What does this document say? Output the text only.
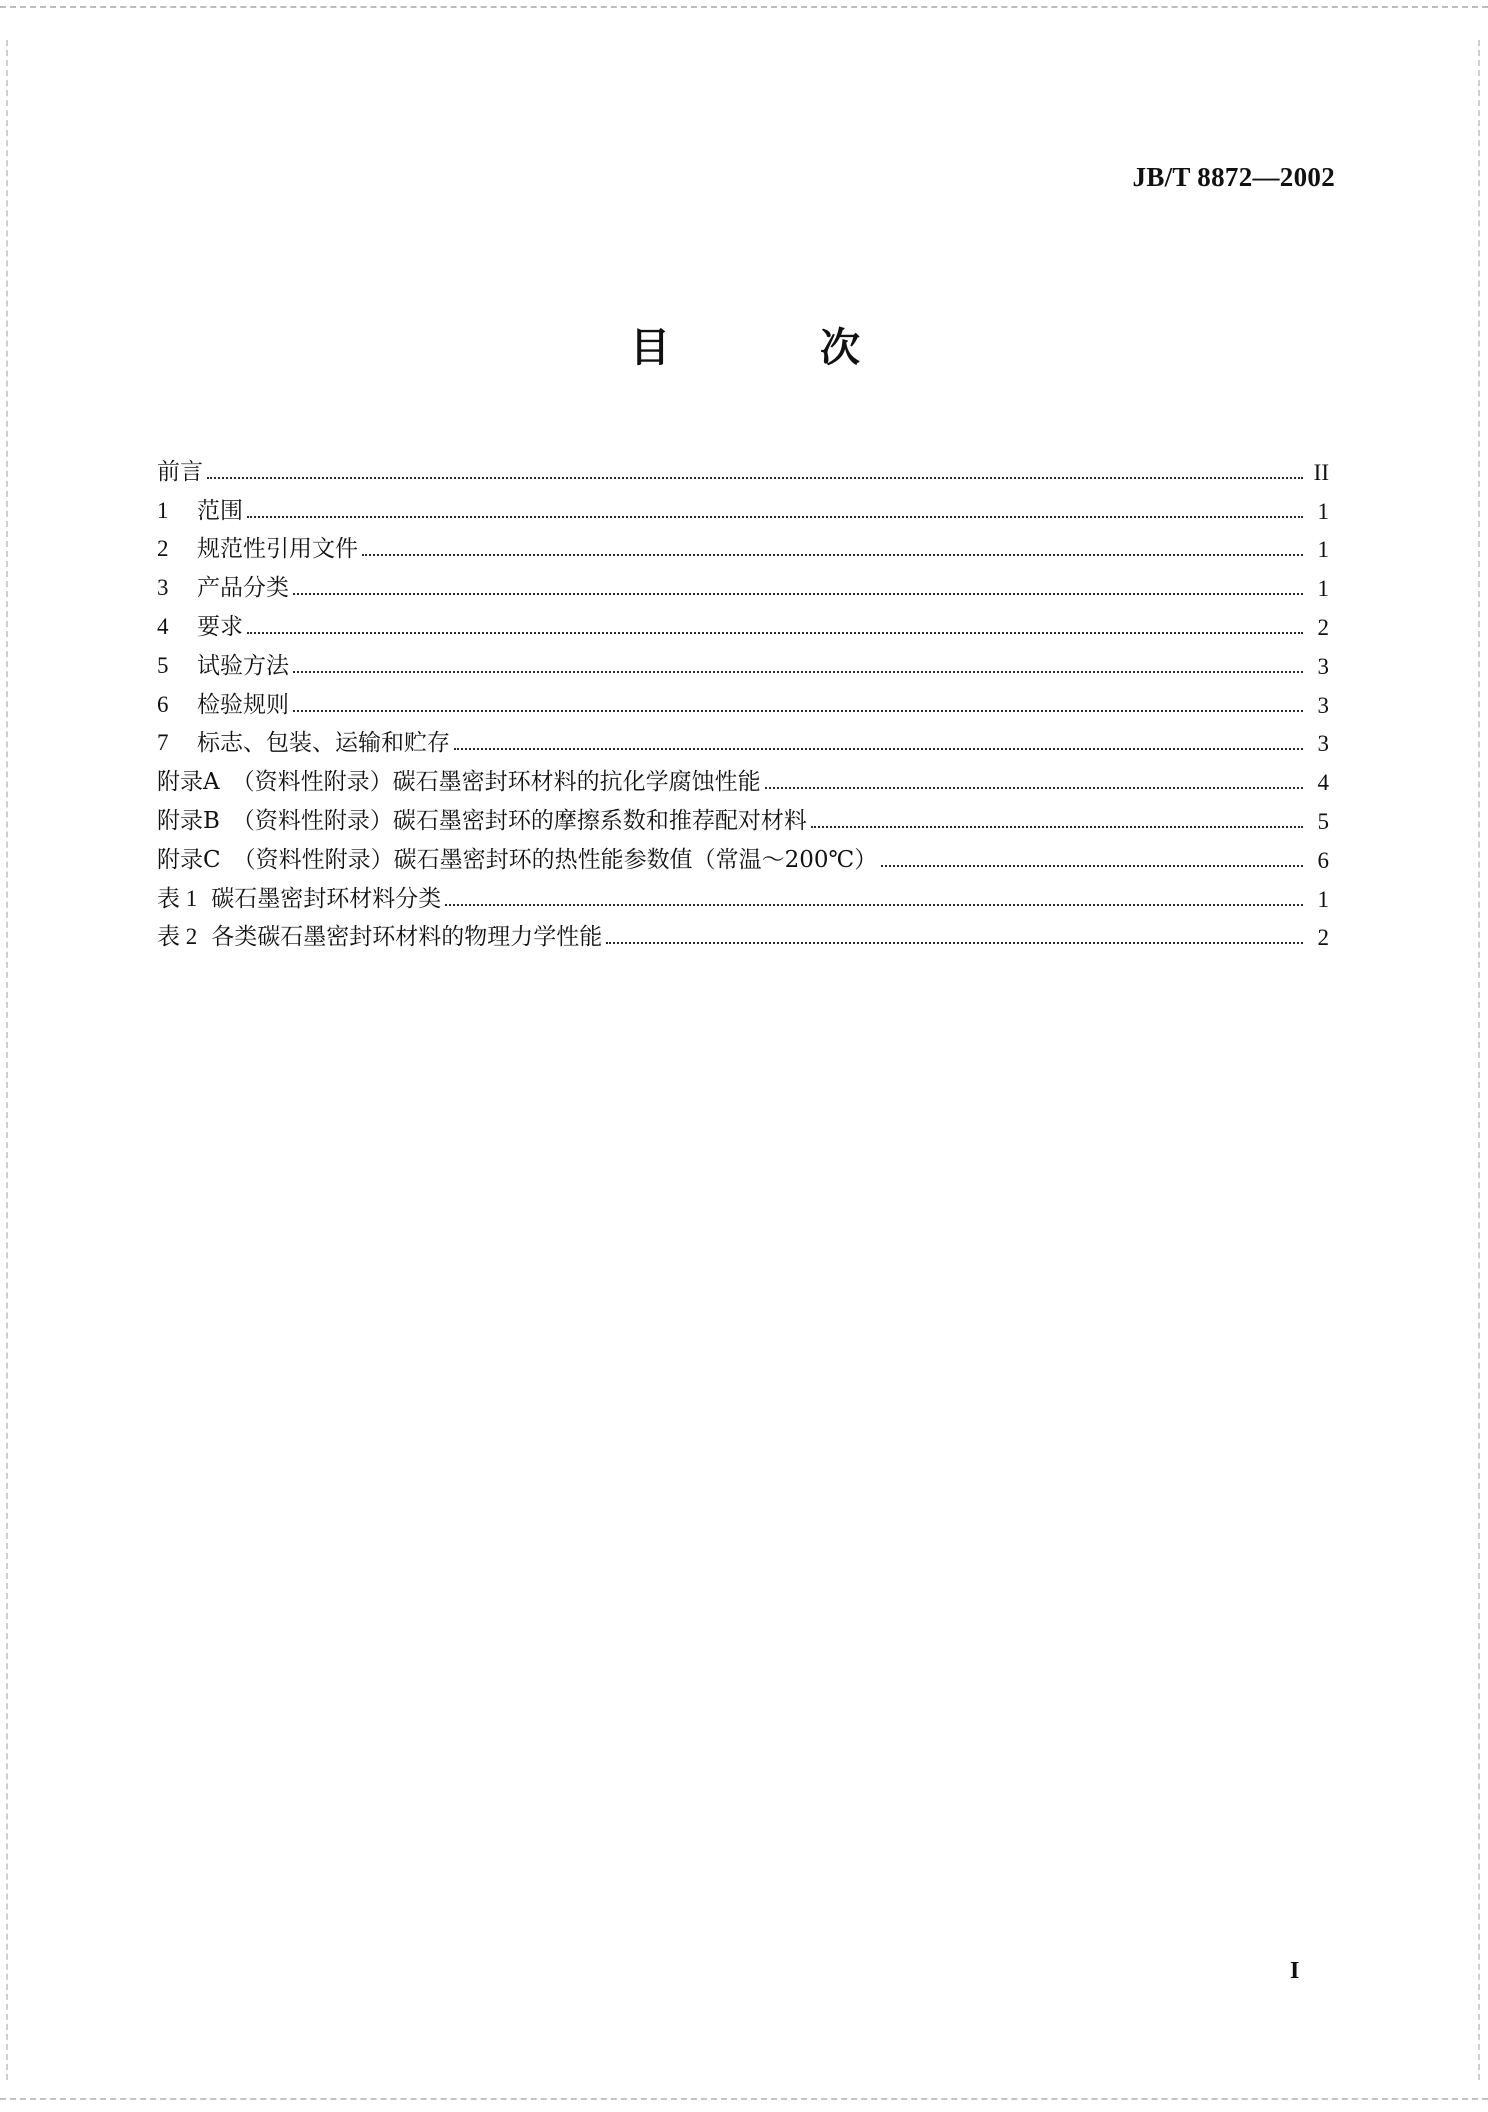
JB/T 8872—2002
目	次
前言	II
1 范围	1
2 规范性引用文件	1
3 产品分类	1
4 要求	2
5 试验方法	3
6 检验规则	3
7 标志、包装、运输和贮存	3
附录A （资料性附录）碳石墨密封环材料的抗化学腐蚀性能	4
附录B （资料性附录）碳石墨密封环的摩擦系数和推荐配对材料	5
附录C （资料性附录）碳石墨密封环的热性能参数值（常温～200℃）	6
表 1 碳石墨密封环材料分类	1
表 2 各类碳石墨密封环材料的物理力学性能	2
I
